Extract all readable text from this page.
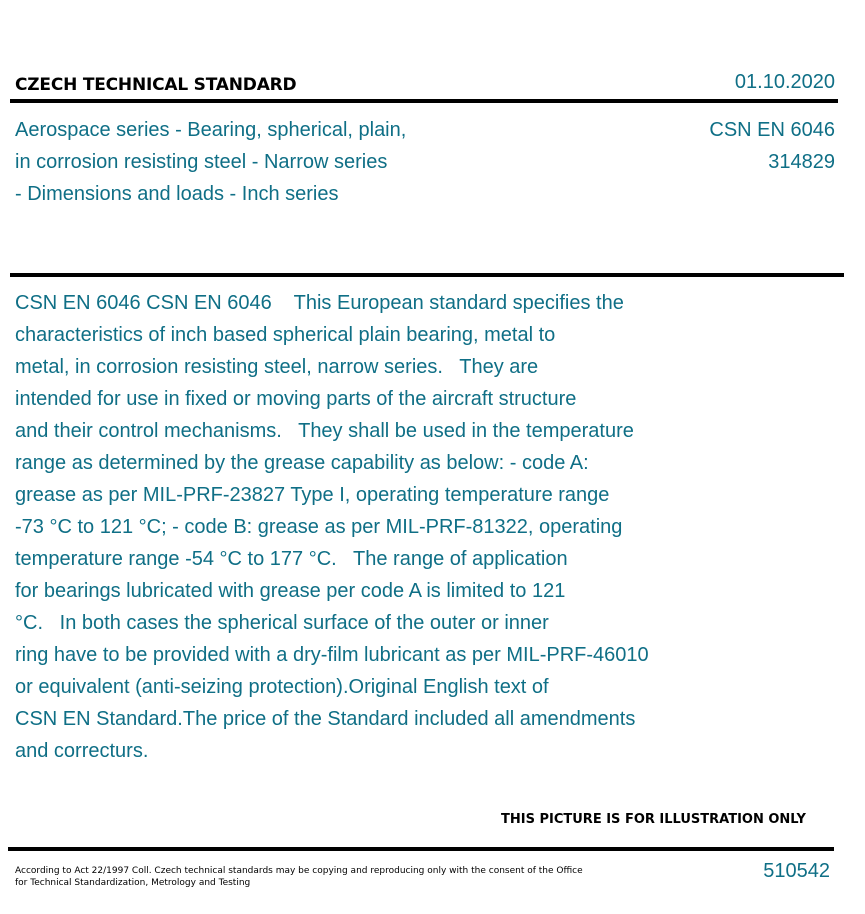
CZECH TECHNICAL STANDARD	01.10.2020
Aerospace series - Bearing, spherical, plain,
in corrosion resisting steel - Narrow series
- Dimensions and loads - Inch series
CSN EN 6046
314829
CSN EN 6046 CSN EN 6046    This European standard specifies the
characteristics of inch based spherical plain bearing, metal to
metal, in corrosion resisting steel, narrow series.   They are
intended for use in fixed or moving parts of the aircraft structure
and their control mechanisms.   They shall be used in the temperature
range as determined by the grease capability as below: - code A:
grease as per MIL-PRF-23827 Type I, operating temperature range
-73 °C to 121 °C; - code B: grease as per MIL-PRF-81322, operating
temperature range -54 °C to 177 °C.   The range of application
for bearings lubricated with grease per code A is limited to 121
°C.   In both cases the spherical surface of the outer or inner
ring have to be provided with a dry-film lubricant as per MIL-PRF-46010
or equivalent (anti-seizing protection).Original English text of
CSN EN Standard.The price of the Standard included all amendments
and correcturs.
THIS PICTURE IS FOR ILLUSTRATION ONLY
According to Act 22/1997 Coll. Czech technical standards may be copying and reproducing only with the consent of the Office
for Technical Standardization, Metrology and Testing
510542
